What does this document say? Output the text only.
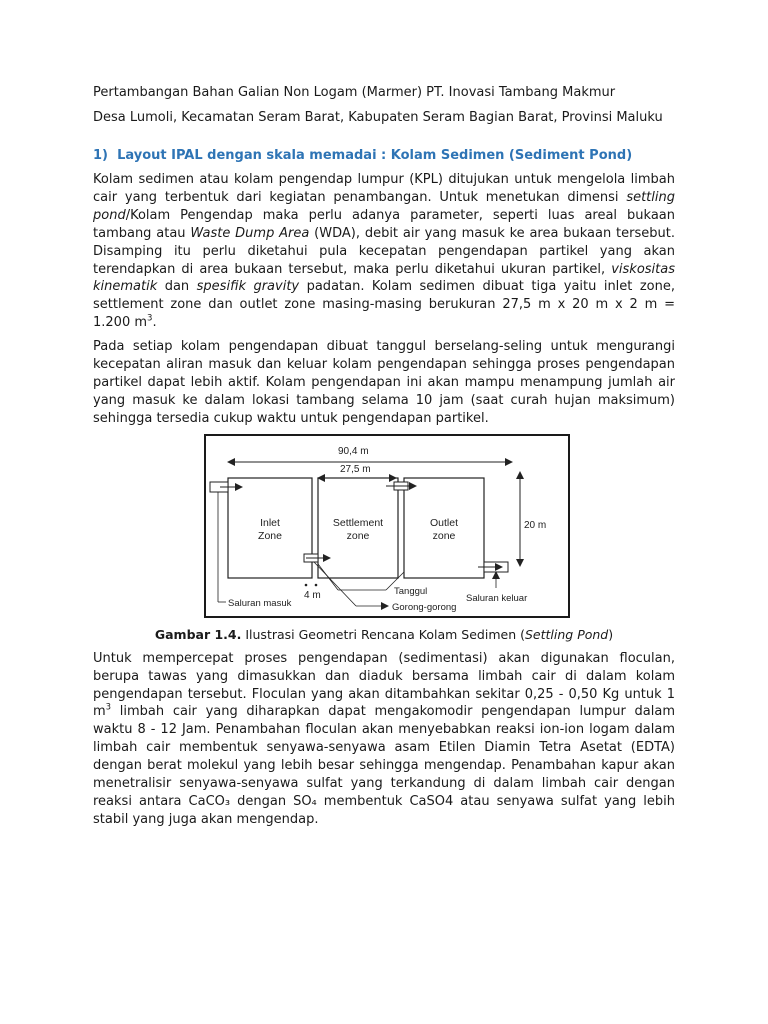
Pertambangan Bahan Galian Non Logam (Marmer) PT. Inovasi Tambang Makmur

Desa Lumoli, Kecamatan Seram Barat, Kabupaten Seram Bagian Barat, Provinsi Maluku

1) Layout IPAL dengan skala memadai : Kolam Sedimen (Sediment Pond)

Kolam sedimen atau kolam pengendap lumpur (KPL) ditujukan untuk mengelola limbah cair yang terbentuk dari kegiatan penambangan. Untuk menetukan dimensi settling pond/Kolam Pengendap maka perlu adanya parameter, seperti luas areal bukaan tambang atau Waste Dump Area (WDA), debit air yang masuk ke area bukaan tersebut. Disamping itu perlu diketahui pula kecepatan pengendapan partikel yang akan terendapkan di area bukaan tersebut, maka perlu diketahui ukuran partikel, viskositas kinematik dan spesifik gravity padatan. Kolam sedimen dibuat tiga yaitu inlet zone, settlement zone dan outlet zone masing-masing berukuran 27,5 m x 20 m x 2 m = 1.200 $m^3$.

Pada setiap kolam pengendapan dibuat tanggul berselang-seling untuk mengurangi kecepatan aliran masuk dan keluar kolam pengendapan sehingga proses pengendapan partikel dapat lebih aktif. Kolam pengendapan ini akan mampu menampung jumlah air yang masuk ke dalam lokasi tambang selama 10 jam (saat curah hujan maksimum) sehingga tersedia cukup waktu untuk pengendapan partikel.

90,4 m
27,5 m
20 m
Inlet
Zone
Settlement
zone
Outlet
zone
4 m	Tanggul
Gorong-gorong
Saluran masuk	Saluran keluar

Gambar 1.4. Ilustrasi Geometri Rencana Kolam Sedimen (Settling Pond)

Untuk mempercepat proses pengendapan (sedimentasi) akan digunakan floculan, berupa tawas yang dimasukkan dan diaduk bersama limbah cair di dalam kolam pengendapan tersebut. Floculan yang akan ditambahkan sekitar 0,25 - 0,50 Kg untuk 1 $m^3$ limbah cair yang diharapkan dapat mengakomodir pengendapan lumpur dalam waktu 8 - 12 Jam. Penambahan floculan akan menyebabkan reaksi ion-ion logam dalam limbah cair membentuk senyawa-senyawa asam Etilen Diamin Tetra Asetat (EDTA) dengan berat molekul yang lebih besar sehingga mengendap. Penambahan kapur akan menetralisir senyawa-senyawa sulfat yang terkandung di dalam limbah cair dengan reaksi antara CaCO₃ dengan SO₄ membentuk CaSO4 atau senyawa sulfat yang lebih stabil yang juga akan mengendap.
